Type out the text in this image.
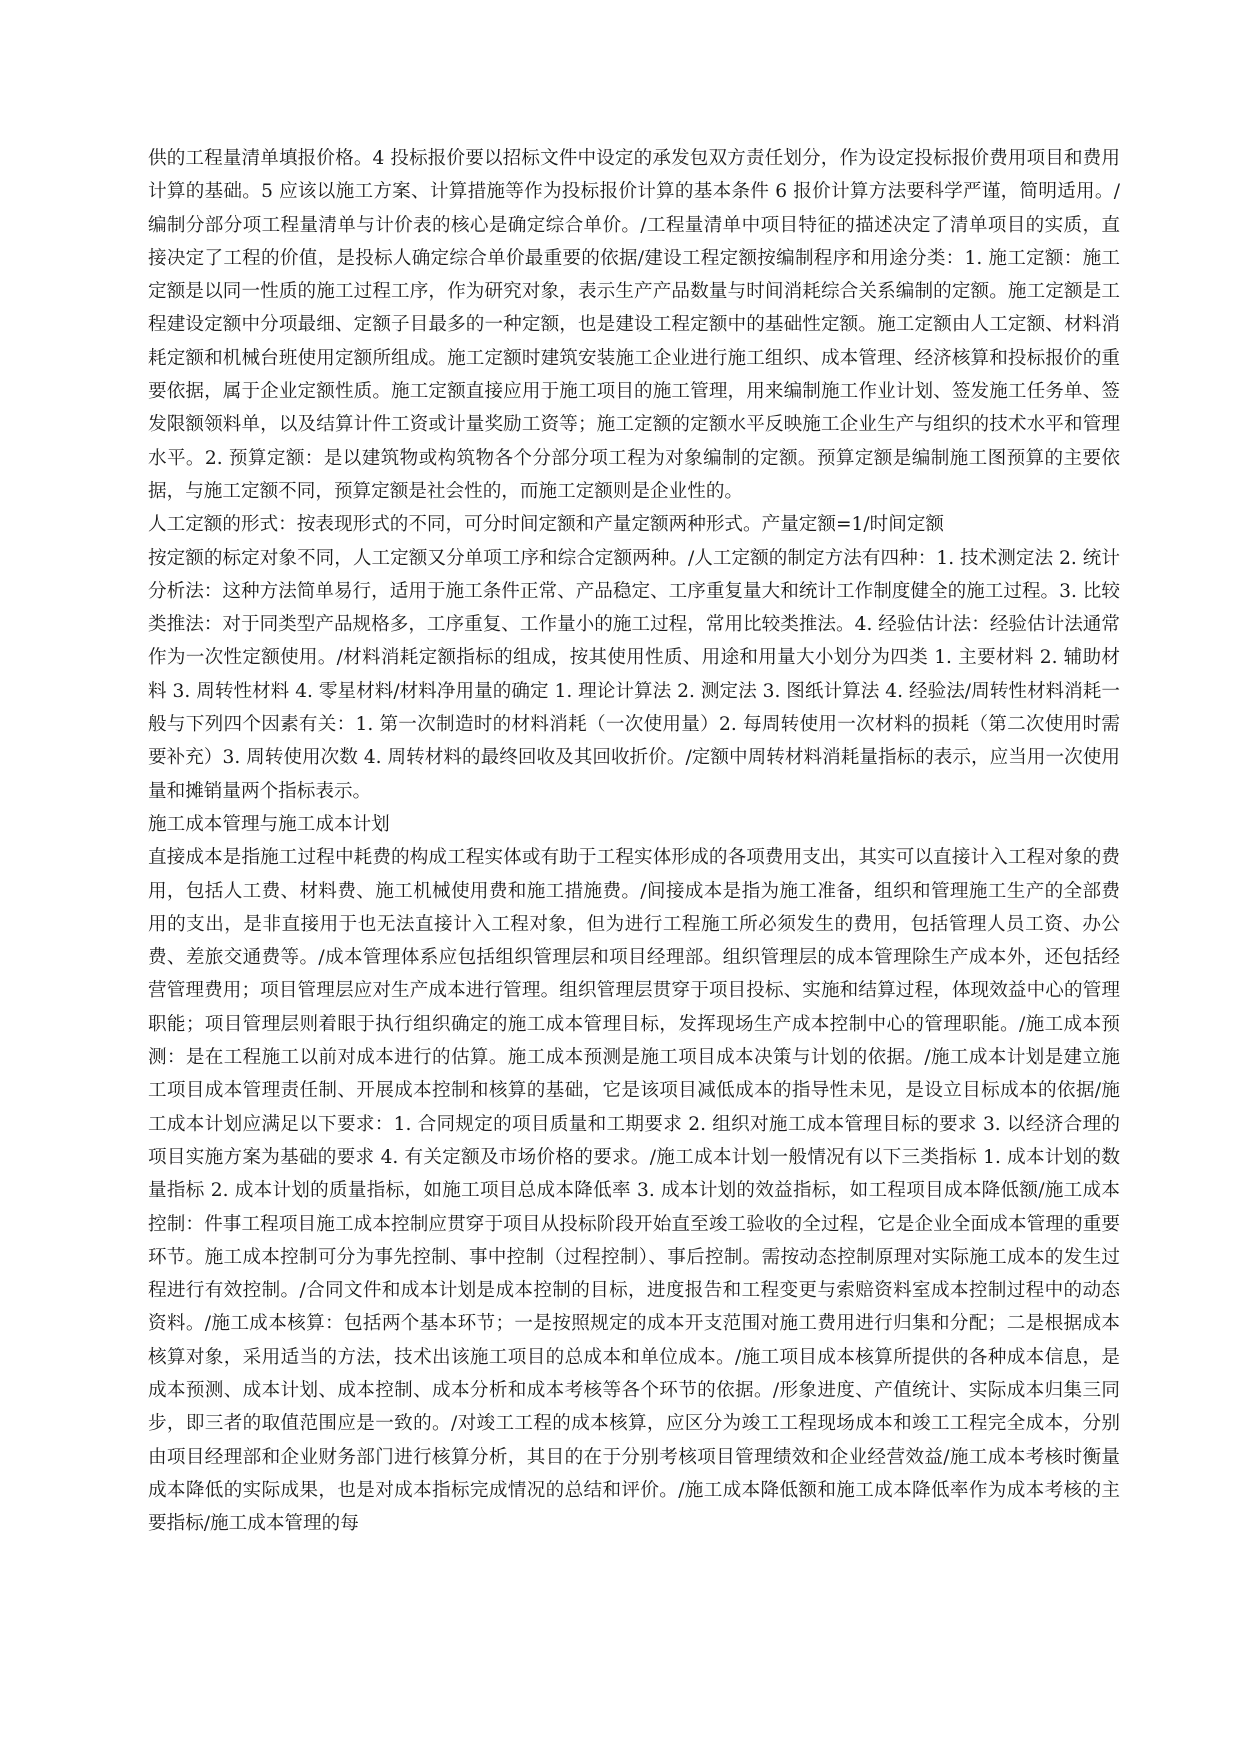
供的工程量清单填报价格。4 投标报价要以招标文件中设定的承发包双方责任划分，作为设定投标报价费用项目和费用计算的基础。5 应该以施工方案、计算措施等作为投标报价计算的基本条件 6 报价计算方法要科学严谨，简明适用。/编制分部分项工程量清单与计价表的核心是确定综合单价。/工程量清单中项目特征的描述决定了清单项目的实质，直接决定了工程的价值，是投标人确定综合单价最重要的依据/建设工程定额按编制程序和用途分类：1. 施工定额：施工定额是以同一性质的施工过程工序，作为研究对象，表示生产产品数量与时间消耗综合关系编制的定额。施工定额是工程建设定额中分项最细、定额子目最多的一种定额，也是建设工程定额中的基础性定额。施工定额由人工定额、材料消耗定额和机械台班使用定额所组成。施工定额时建筑安装施工企业进行施工组织、成本管理、经济核算和投标报价的重要依据，属于企业定额性质。施工定额直接应用于施工项目的施工管理，用来编制施工作业计划、签发施工任务单、签发限额领料单，以及结算计件工资或计量奖励工资等；施工定额的定额水平反映施工企业生产与组织的技术水平和管理水平。2. 预算定额：是以建筑物或构筑物各个分部分项工程为对象编制的定额。预算定额是编制施工图预算的主要依据，与施工定额不同，预算定额是社会性的，而施工定额则是企业性的。

人工定额的形式：按表现形式的不同，可分时间定额和产量定额两种形式。产量定额=1/时间定额

按定额的标定对象不同，人工定额又分单项工序和综合定额两种。/人工定额的制定方法有四种：1. 技术测定法 2. 统计分析法：这种方法简单易行，适用于施工条件正常、产品稳定、工序重复量大和统计工作制度健全的施工过程。3. 比较类推法：对于同类型产品规格多，工序重复、工作量小的施工过程，常用比较类推法。4. 经验估计法：经验估计法通常作为一次性定额使用。/材料消耗定额指标的组成，按其使用性质、用途和用量大小划分为四类 1. 主要材料 2. 辅助材料 3. 周转性材料 4. 零星材料/材料净用量的确定 1. 理论计算法 2. 测定法 3. 图纸计算法 4. 经验法/周转性材料消耗一般与下列四个因素有关：1. 第一次制造时的材料消耗（一次使用量）2. 每周转使用一次材料的损耗（第二次使用时需要补充）3. 周转使用次数 4. 周转材料的最终回收及其回收折价。/定额中周转材料消耗量指标的表示，应当用一次使用量和摊销量两个指标表示。

施工成本管理与施工成本计划

直接成本是指施工过程中耗费的构成工程实体或有助于工程实体形成的各项费用支出，其实可以直接计入工程对象的费用，包括人工费、材料费、施工机械使用费和施工措施费。/间接成本是指为施工准备，组织和管理施工生产的全部费用的支出，是非直接用于也无法直接计入工程对象，但为进行工程施工所必须发生的费用，包括管理人员工资、办公费、差旅交通费等。/成本管理体系应包括组织管理层和项目经理部。组织管理层的成本管理除生产成本外，还包括经营管理费用；项目管理层应对生产成本进行管理。组织管理层贯穿于项目投标、实施和结算过程，体现效益中心的管理职能；项目管理层则着眼于执行组织确定的施工成本管理目标，发挥现场生产成本控制中心的管理职能。/施工成本预测：是在工程施工以前对成本进行的估算。施工成本预测是施工项目成本决策与计划的依据。/施工成本计划是建立施工项目成本管理责任制、开展成本控制和核算的基础，它是该项目减低成本的指导性未见，是设立目标成本的依据/施工成本计划应满足以下要求：1. 合同规定的项目质量和工期要求 2. 组织对施工成本管理目标的要求 3. 以经济合理的项目实施方案为基础的要求 4. 有关定额及市场价格的要求。/施工成本计划一般情况有以下三类指标 1. 成本计划的数量指标 2. 成本计划的质量指标，如施工项目总成本降低率 3. 成本计划的效益指标，如工程项目成本降低额/施工成本控制：件事工程项目施工成本控制应贯穿于项目从投标阶段开始直至竣工验收的全过程，它是企业全面成本管理的重要环节。施工成本控制可分为事先控制、事中控制（过程控制）、事后控制。需按动态控制原理对实际施工成本的发生过程进行有效控制。/合同文件和成本计划是成本控制的目标，进度报告和工程变更与索赔资料室成本控制过程中的动态资料。/施工成本核算：包括两个基本环节；一是按照规定的成本开支范围对施工费用进行归集和分配；二是根据成本核算对象，采用适当的方法，技术出该施工项目的总成本和单位成本。/施工项目成本核算所提供的各种成本信息，是成本预测、成本计划、成本控制、成本分析和成本考核等各个环节的依据。/形象进度、产值统计、实际成本归集三同步，即三者的取值范围应是一致的。/对竣工工程的成本核算，应区分为竣工工程现场成本和竣工工程完全成本，分别由项目经理部和企业财务部门进行核算分析，其目的在于分别考核项目管理绩效和企业经营效益/施工成本考核时衡量成本降低的实际成果，也是对成本指标完成情况的总结和评价。/施工成本降低额和施工成本降低率作为成本考核的主要指标/施工成本管理的每
